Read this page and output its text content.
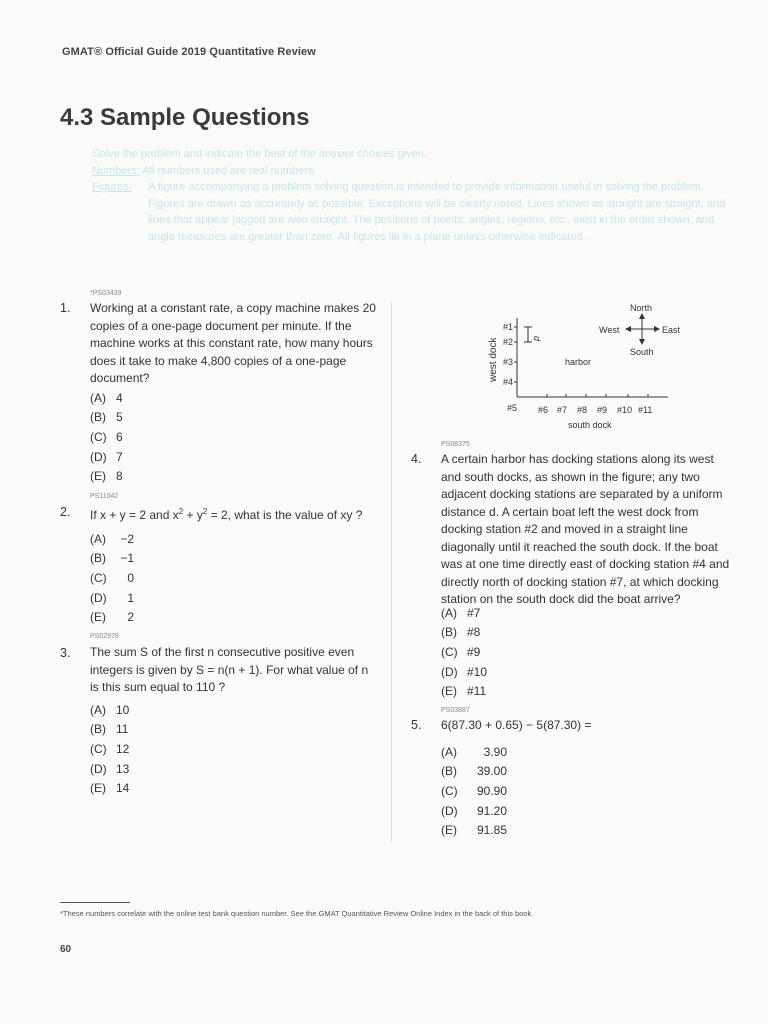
GMAT® Official Guide 2019 Quantitative Review
4.3 Sample Questions
Solve the problem and indicate the best of the answer choices given.
Numbers: All numbers used are real numbers.
Figures:	A figure accompanying a problem solving question is intended to provide information useful in solving the problem. Figures are drawn as accurately as possible. Exceptions will be clearly noted. Lines shown as straight are straight, and lines that appear jagged are also straight. The positions of points, angles, regions, etc., exist in the order shown, and angle measures are greater than zero. All figures lie in a plane unless otherwise indicated.
*PS03439
1. Working at a constant rate, a copy machine makes 20 copies of a one-page document per minute. If the machine works at this constant rate, how many hours does it take to make 4,800 copies of a one-page document?
(A) 4
(B) 5
(C) 6
(D) 7
(E) 8
PS11042
2. If x + y = 2 and $x^2 + y^2 = 2$, what is the value of xy ?
(A)	−2
(B)	−1
(C)	0
(D)	1
(E)	2
PS02978
3. The sum S of the first n consecutive positive even integers is given by S = n(n + 1). For what value of n is this sum equal to 110 ?
(A) 10
(B) 11
(C) 12
(D) 13
(E) 14
west dock
#1
#2
#3
#4
#5
d
harbor
#6 #7 #8 #9 #10 #11
south dock
North
West	East
South
PS08375
4. A certain harbor has docking stations along its west and south docks, as shown in the figure; any two adjacent docking stations are separated by a uniform distance d. A certain boat left the west dock from docking station #2 and moved in a straight line diagonally until it reached the south dock. If the boat was at one time directly east of docking station #4 and directly north of docking station #7, at which docking station on the south dock did the boat arrive?
(A) #7
(B) #8
(C) #9
(D) #10
(E) #11
PS03887
5. 6(87.30 + 0.65) − 5(87.30) =
(A)	3.90
(B)	39.00
(C)	90.90
(D)	91.20
(E)	91.85
*These numbers correlate with the online test bank question number. See the GMAT Quantitative Review Online Index in the back of this book.
60
